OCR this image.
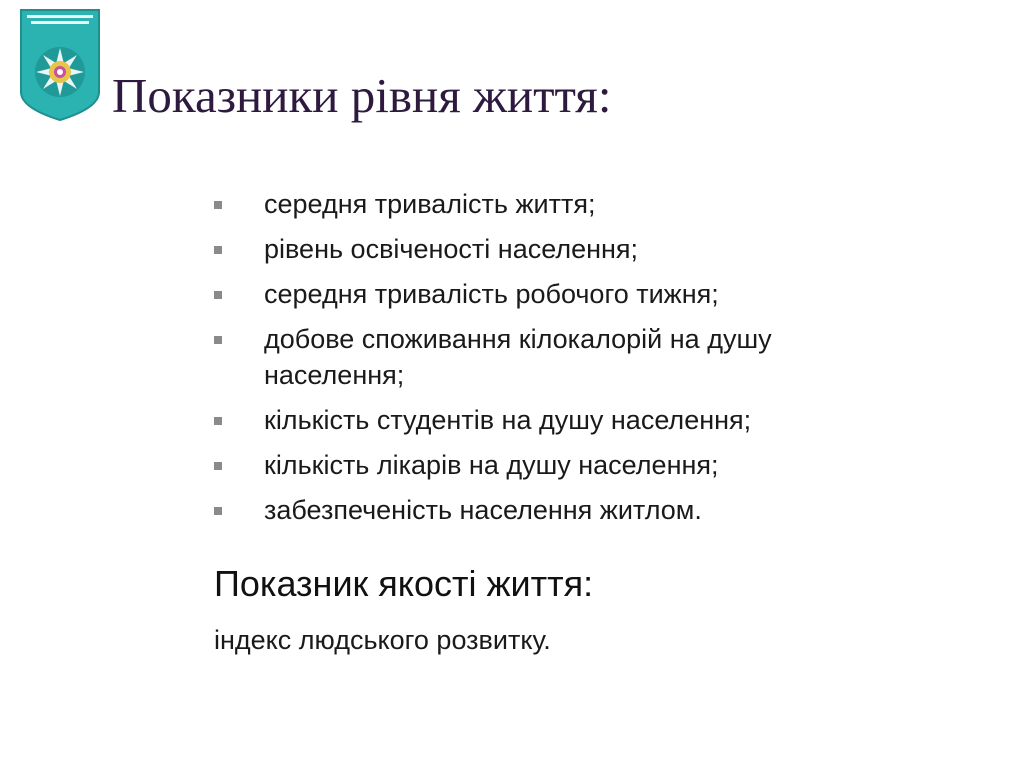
Показники рівня життя:
середня тривалість життя;
рівень освіченості населення;
середня тривалість робочого тижня;
добове споживання кілокалорій на душу населення;
кількість студентів на душу населення;
кількість лікарів на душу населення;
забезпеченість населення житлом.
Показник якості життя:

індекс людського розвитку.
